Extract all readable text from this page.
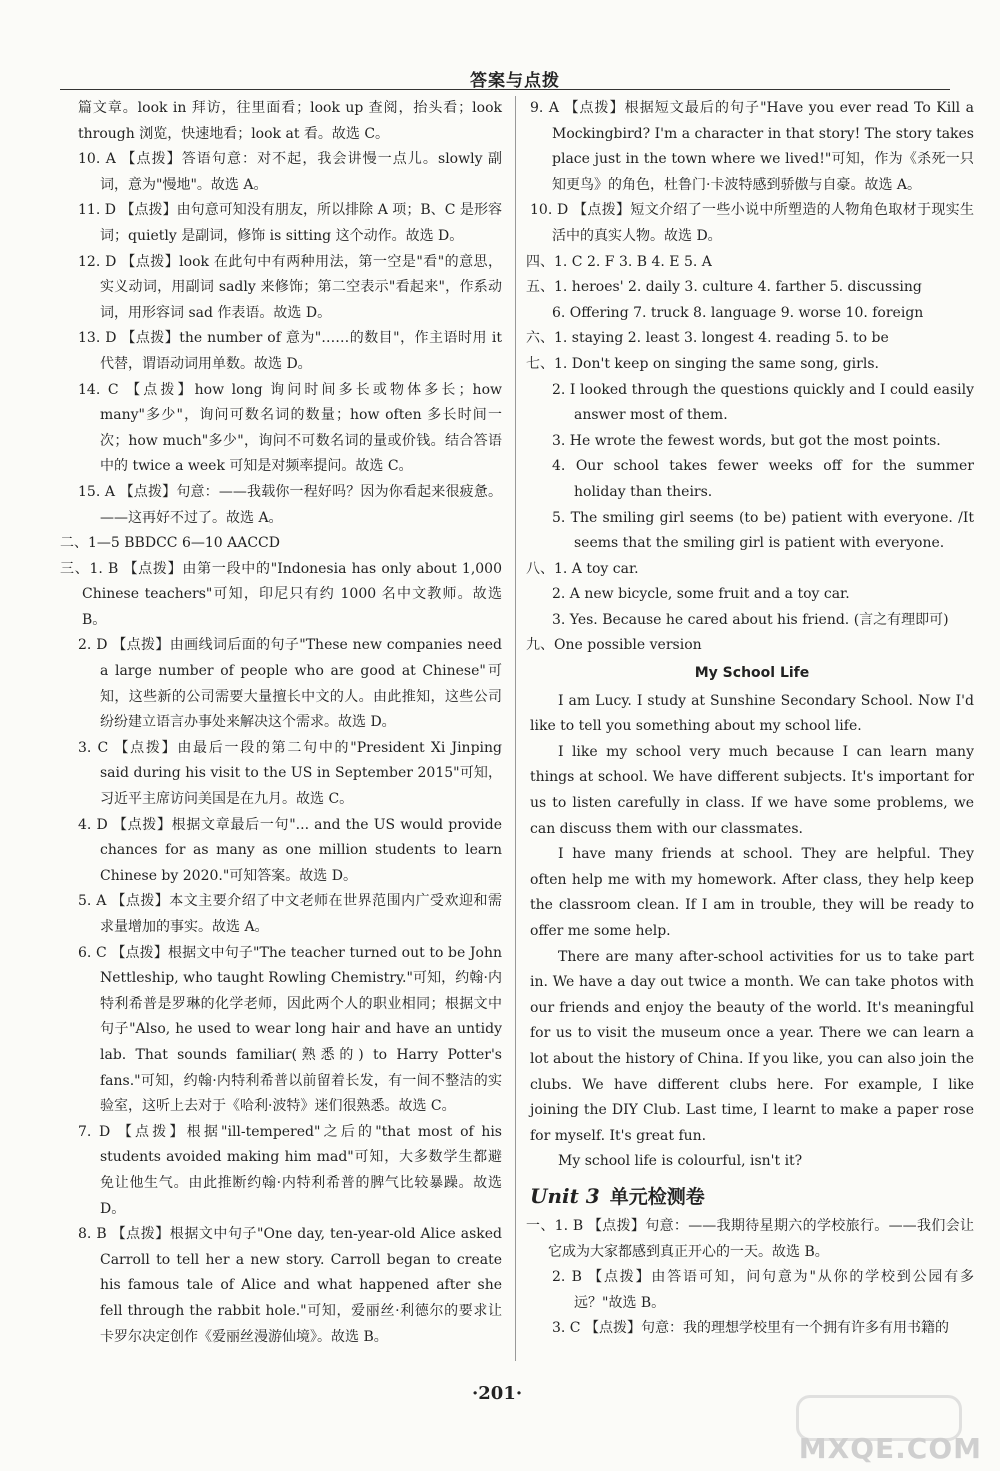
答案与点拨

篇文章。look in 拜访，往里面看；look up 查阅，抬头看；look through 浏览，快速地看；look at 看。故选 C。

10. A 【点拨】答语句意：对不起，我会讲慢一点儿。slowly 副词，意为"慢地"。故选 A。

11. D 【点拨】由句意可知没有朋友，所以排除 A 项；B、C 是形容词；quietly 是副词，修饰 is sitting 这个动作。故选 D。

12. D 【点拨】look 在此句中有两种用法，第一空是"看"的意思，实义动词，用副词 sadly 来修饰；第二空表示"看起来"，作系动词，用形容词 sad 作表语。故选 D。

13. D 【点拨】the number of 意为"……的数目"，作主语时用 it 代替，谓语动词用单数。故选 D。

14. C 【点拨】how long 询问时间多长或物体多长；how many"多少"，询问可数名词的数量；how often 多长时间一次；how much"多少"，询问不可数名词的量或价钱。结合答语中的 twice a week 可知是对频率提问。故选 C。

15. A 【点拨】句意：——我载你一程好吗？因为你看起来很疲惫。——这再好不过了。故选 A。

二、1—5 BBDCC 6—10 AACCD

三、1. B 【点拨】由第一段中的"Indonesia has only about 1,000 Chinese teachers"可知，印尼只有约 1000 名中文教师。故选 B。

2. D 【点拨】由画线词后面的句子"These new companies need a large number of people who are good at Chinese"可知，这些新的公司需要大量擅长中文的人。由此推知，这些公司纷纷建立语言办事处来解决这个需求。故选 D。

3. C 【点拨】由最后一段的第二句中的"President Xi Jinping said during his visit to the US in September 2015"可知，习近平主席访问美国是在九月。故选 C。

4. D 【点拨】根据文章最后一句"... and the US would provide chances for as many as one million students to learn Chinese by 2020."可知答案。故选 D。

5. A 【点拨】本文主要介绍了中文老师在世界范围内广受欢迎和需求量增加的事实。故选 A。

6. C 【点拨】根据文中句子"The teacher turned out to be John Nettleship, who taught Rowling Chemistry."可知，约翰·内特利希普是罗琳的化学老师，因此两个人的职业相同；根据文中句子"Also, he used to wear long hair and have an untidy lab. That sounds familiar(熟悉的) to Harry Potter's fans."可知，约翰·内特利希普以前留着长发，有一间不整洁的实验室，这听上去对于《哈利·波特》迷们很熟悉。故选 C。

7. D 【点拨】根据"ill-tempered"之后的"that most of his students avoided making him mad"可知，大多数学生都避免让他生气。由此推断约翰·内特利希普的脾气比较暴躁。故选 D。

8. B 【点拨】根据文中句子"One day, ten-year-old Alice asked Carroll to tell her a new story. Carroll began to create his famous tale of Alice and what happened after she fell through the rabbit hole."可知，爱丽丝·利德尔的要求让卡罗尔决定创作《爱丽丝漫游仙境》。故选 B。

9. A 【点拨】根据短文最后的句子"Have you ever read To Kill a Mockingbird? I'm a character in that story! The story takes place just in the town where we lived!"可知，作为《杀死一只知更鸟》的角色，杜鲁门·卡波特感到骄傲与自豪。故选 A。

10. D 【点拨】短文介绍了一些小说中所塑造的人物角色取材于现实生活中的真实人物。故选 D。

四、1. C 2. F 3. B 4. E 5. A

五、1. heroes' 2. daily 3. culture 4. farther 5. discussing

6. Offering 7. truck 8. language 9. worse 10. foreign

六、1. staying 2. least 3. longest 4. reading 5. to be

七、1. Don't keep on singing the same song, girls.

2. I looked through the questions quickly and I could easily answer most of them.

3. He wrote the fewest words, but got the most points.

4. Our school takes fewer weeks off for the summer holiday than theirs.

5. The smiling girl seems (to be) patient with everyone. /It seems that the smiling girl is patient with everyone.

八、1. A toy car.

2. A new bicycle, some fruit and a toy car.

3. Yes. Because he cared about his friend. (言之有理即可)

九、One possible version

My School Life

I am Lucy. I study at Sunshine Secondary School. Now I'd like to tell you something about my school life.

I like my school very much because I can learn many things at school. We have different subjects. It's important for us to listen carefully in class. If we have some problems, we can discuss them with our classmates.

I have many friends at school. They are helpful. They often help me with my homework. After class, they help keep the classroom clean. If I am in trouble, they will be ready to offer me some help.

There are many after-school activities for us to take part in. We have a day out twice a month. We can take photos with our friends and enjoy the beauty of the world. It's meaningful for us to visit the museum once a year. There we can learn a lot about the history of China. If you like, you can also join the clubs. We have different clubs here. For example, I like joining the DIY Club. Last time, I learnt to make a paper rose for myself. It's great fun.

My school life is colourful, isn't it?

Unit 3 单元检测卷

一、1. B 【点拨】句意：——我期待星期六的学校旅行。——我们会让它成为大家都感到真正开心的一天。故选 B。

2. B 【点拨】由答语可知，问句意为"从你的学校到公园有多远？"故选 B。

3. C 【点拨】句意：我的理想学校里有一个拥有许多有用书籍的

·201·
MXQE.COM
